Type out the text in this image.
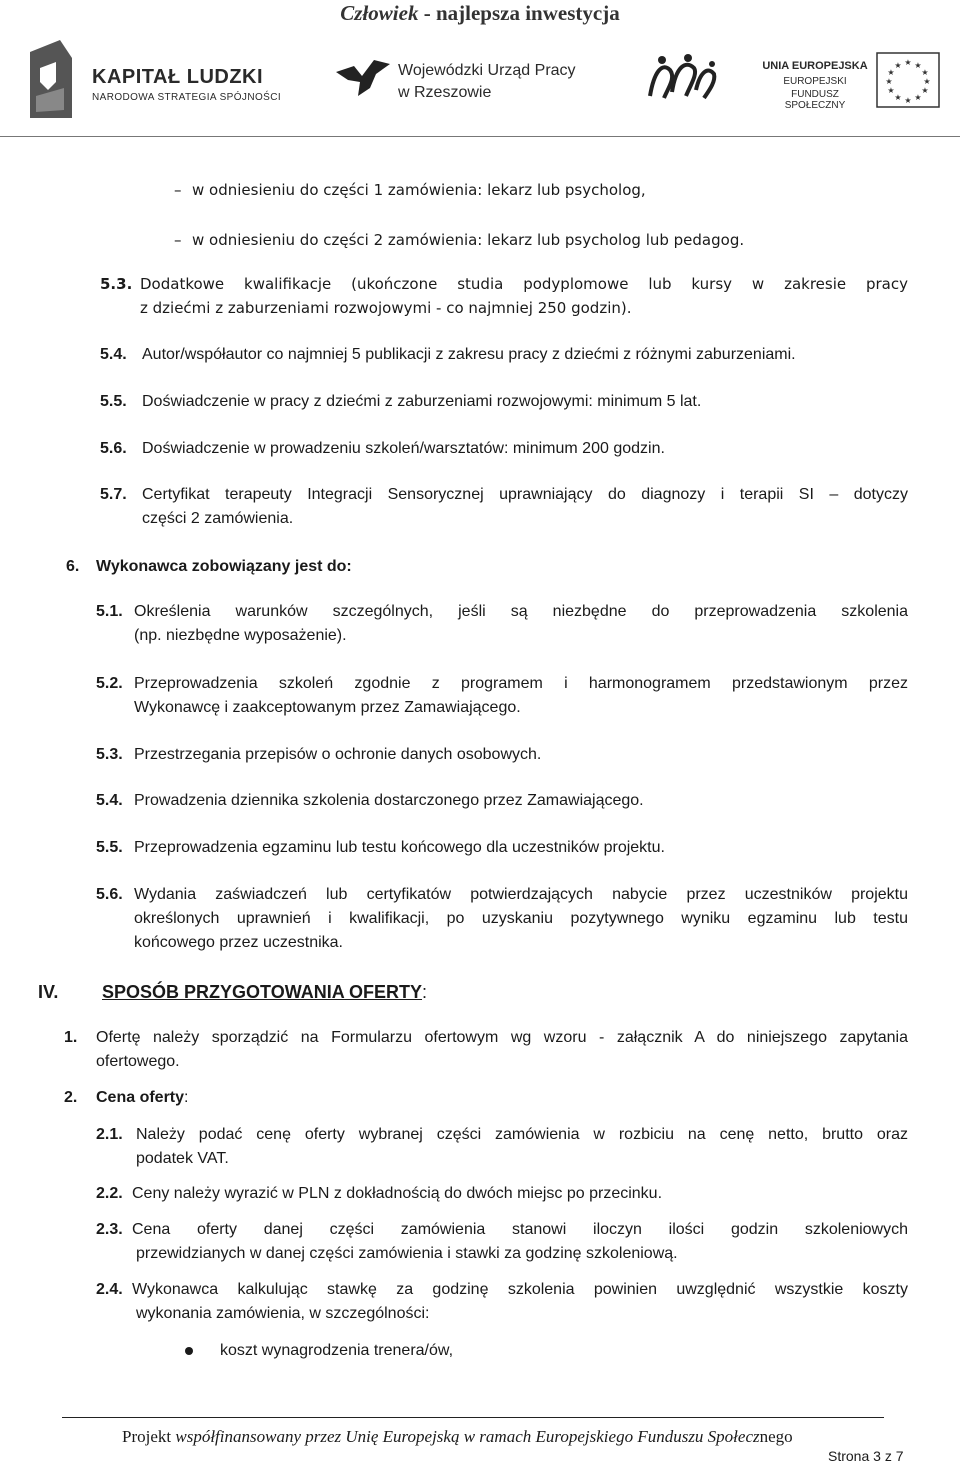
Człowiek - najlepsza inwestycja
KAPITAŁ LUDZKI
NARODOWA STRATEGIA SPÓJNOŚCI
Wojewódzki Urząd Pracy
w Rzeszowie
UNIA EUROPEJSKA
EUROPEJSKI
FUNDUSZ SPOŁECZNY
★ ★
★
★
★
★
★
★
★
★
★
★
– w odniesieniu do części 1 zamówienia: lekarz lub psycholog,
– w odniesieniu do części 2 zamówienia: lekarz lub psycholog lub pedagog.
5.3. Dodatkowe kwalifikacje (ukończone studia podyplomowe lub kursy w zakresie pracy
z dziećmi z zaburzeniami rozwojowymi - co najmniej 250 godzin).
5.4. Autor/współautor co najmniej 5 publikacji z zakresu pracy z dziećmi z różnymi zaburzeniami.
5.5. Doświadczenie w pracy z dziećmi z zaburzeniami rozwojowymi: minimum 5 lat.
5.6. Doświadczenie w prowadzeniu szkoleń/warsztatów: minimum 200 godzin.
5.7. Certyfikat terapeuty Integracji Sensorycznej uprawniający do diagnozy i terapii SI – dotyczy
części 2 zamówienia.
6. Wykonawca zobowiązany jest do:
5.1. Określenia warunków szczególnych, jeśli są niezbędne do przeprowadzenia szkolenia
(np. niezbędne wyposażenie).
5.2. Przeprowadzenia szkoleń zgodnie z programem i harmonogramem przedstawionym przez
Wykonawcę i zaakceptowanym przez Zamawiającego.
5.3. Przestrzegania przepisów o ochronie danych osobowych.
5.4. Prowadzenia dziennika szkolenia dostarczonego przez Zamawiającego.
5.5. Przeprowadzenia egzaminu lub testu końcowego dla uczestników projektu.
5.6. Wydania zaświadczeń lub certyfikatów potwierdzających nabycie przez uczestników projektu
określonych uprawnień i kwalifikacji, po uzyskaniu pozytywnego wyniku egzaminu lub testu
końcowego przez uczestnika.
IV. SPOSÓB PRZYGOTOWANIA OFERTY:
1. Ofertę należy sporządzić na Formularzu ofertowym wg wzoru - załącznik A do niniejszego zapytania
ofertowego.
2. Cena oferty:
2.1. Należy podać cenę oferty wybranej części zamówienia w rozbiciu na cenę netto, brutto oraz
podatek VAT.
2.2. Ceny należy wyrazić w PLN z dokładnością do dwóch miejsc po przecinku.
2.3. Cena oferty danej części zamówienia stanowi iloczyn ilości godzin szkoleniowych
przewidzianych w danej części zamówienia i stawki za godzinę szkoleniową.
2.4. Wykonawca kalkulując stawkę za godzinę szkolenia powinien uwzględnić wszystkie koszty
wykonania zamówienia, w szczególności:
koszt wynagrodzenia trenera/ów,
Projekt współfinansowany przez Unię Europejską w ramach Europejskiego Funduszu Społecznego
Strona 3 z 7
